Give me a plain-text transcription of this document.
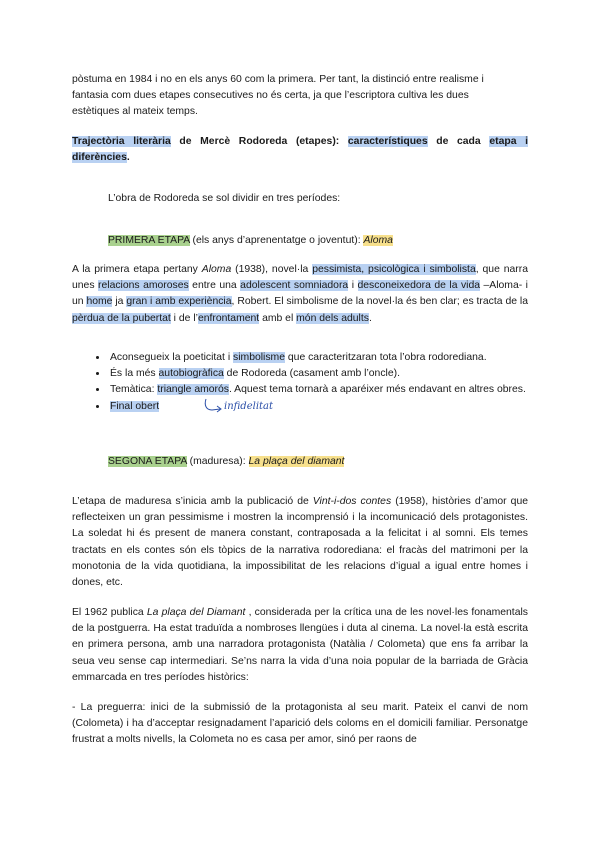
pòstuma en 1984 i no en els anys 60 com la primera. Per tant, la distinció entre realisme i
fantasia com dues etapes consecutives no és certa, ja que l’escriptora cultiva les dues
estètiques al mateix temps.

Trajectòria literària de Mercè Rodoreda (etapes): característiques de cada etapa i diferències.

L’obra de Rodoreda se sol dividir en tres períodes:

PRIMERA ETAPA (els anys d’aprenentatge o joventut): Aloma

A la primera etapa pertany Aloma (1938), novel·la pessimista, psicològica i simbolista, que narra unes relacions amoroses entre una adolescent somniadora i desconeixedora de la vida –Aloma- i un home ja gran i amb experiència, Robert. El simbolisme de la novel·la és ben clar; es tracta de la pèrdua de la pubertat i de l’enfrontament amb el món dels adults.

• Aconsegueix la poeticitat i simbolisme que caracteritzaran tota l’obra rodorediana.
• És la més autobiogràfica de Rodoreda (casament amb l’oncle).
• Temàtica: triangle amorós. Aquest tema tornarà a aparéixer més endavant en altres obres.
• Final obert	infidelitat

SEGONA ETAPA (maduresa): La plaça del diamant

L’etapa de maduresa s’inicia amb la publicació de Vint-i-dos contes (1958), històries d’amor que reflecteixen un gran pessimisme i mostren la incomprensió i la incomunicació dels protagonistes. La soledat hi és present de manera constant, contraposada a la felicitat i al somni. Els temes tractats en els contes són els tòpics de la narrativa rodorediana: el fracàs del matrimoni per la monotonia de la vida quotidiana, la impossibilitat de les relacions d’igual a igual entre homes i dones, etc.

El 1962 publica La plaça del Diamant , considerada per la crítica una de les novel·les fonamentals de la postguerra. Ha estat traduïda a nombroses llengües i duta al cinema. La novel·la està escrita en primera persona, amb una narradora protagonista (Natàlia / Colometa) que ens fa arribar la seua veu sense cap intermediari. Se’ns narra la vida d’una noia popular de la barriada de Gràcia emmarcada en tres períodes històrics:

- La preguerra: inici de la submissió de la protagonista al seu marit. Pateix el canvi de nom (Colometa) i ha d’acceptar resignadament l’aparició dels coloms en el domicili familiar. Personatge frustrat a molts nivells, la Colometa no es casa per amor, sinó per raons de
